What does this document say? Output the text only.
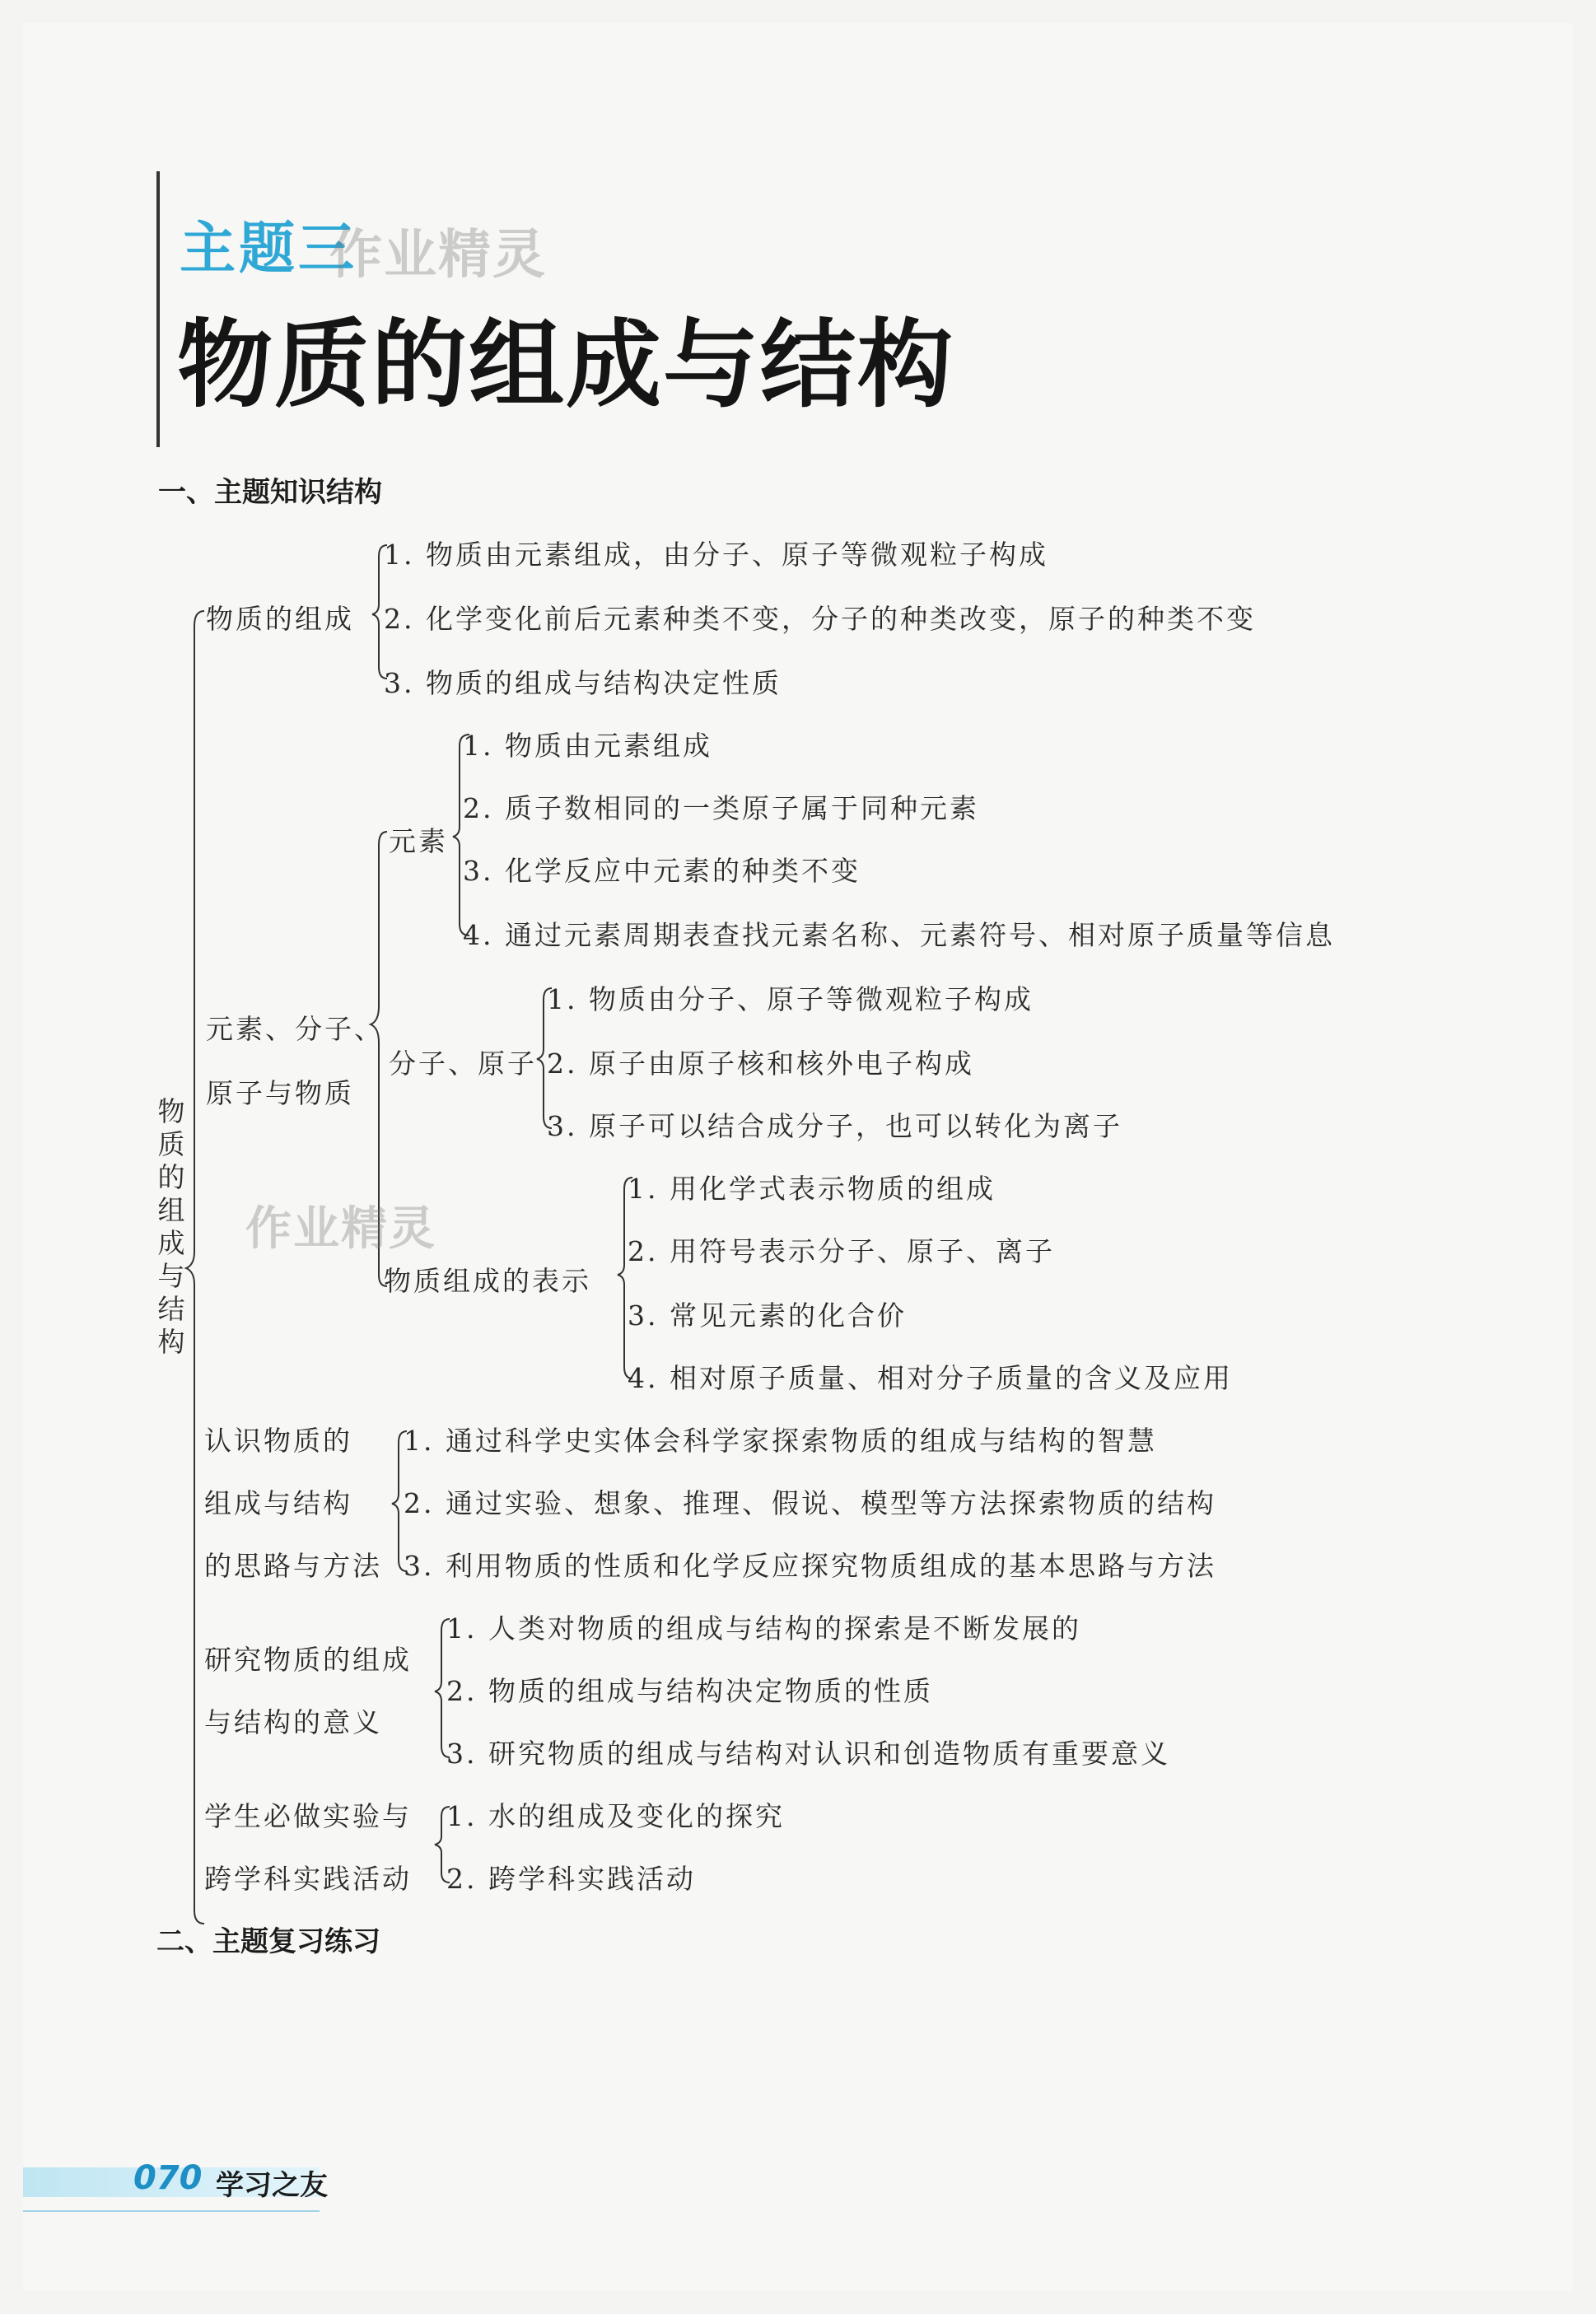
主题三
作业精灵
物质的组成与结构
一、主题知识结构
物
质
的
组
成
与
结
构
物质的组成
1. 物质由元素组成，由分子、原子等微观粒子构成
2. 化学变化前后元素种类不变，分子的种类改变，原子的种类不变
3. 物质的组成与结构决定性质
元素、分子、
原子与物质
元素
1. 物质由元素组成
2. 质子数相同的一类原子属于同种元素
3. 化学反应中元素的种类不变
4. 通过元素周期表查找元素名称、元素符号、相对原子质量等信息
分子、原子
1. 物质由分子、原子等微观粒子构成
2. 原子由原子核和核外电子构成
3. 原子可以结合成分子，也可以转化为离子
作业精灵
物质组成的表示
1. 用化学式表示物质的组成
2. 用符号表示分子、原子、离子
3. 常见元素的化合价
4. 相对原子质量、相对分子质量的含义及应用
认识物质的
组成与结构
的思路与方法
1. 通过科学史实体会科学家探索物质的组成与结构的智慧
2. 通过实验、想象、推理、假说、模型等方法探索物质的结构
3. 利用物质的性质和化学反应探究物质组成的基本思路与方法
研究物质的组成
与结构的意义
1. 人类对物质的组成与结构的探索是不断发展的
2. 物质的组成与结构决定物质的性质
3. 研究物质的组成与结构对认识和创造物质有重要意义
学生必做实验与
跨学科实践活动
1. 水的组成及变化的探究
2. 跨学科实践活动
二、主题复习练习
070 学习之友
